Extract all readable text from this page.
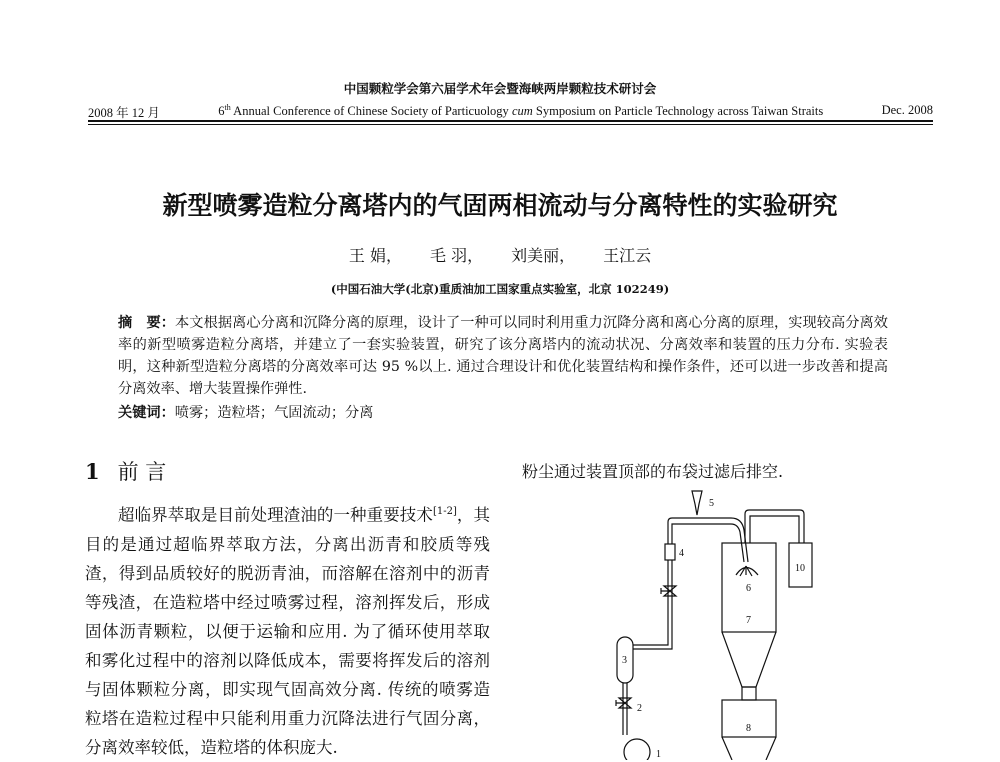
中国颗粒学会第六届学术年会暨海峡两岸颗粒技术研讨会
2008 年 12 月	6th Annual Conference of Chinese Society of Particuology cum Symposium on Particle Technology across Taiwan Straits	Dec. 2008
新型喷雾造粒分离塔内的气固两相流动与分离特性的实验研究
王 娟， 毛 羽， 刘美丽， 王江云
(中国石油大学(北京)重质油加工国家重点实验室，北京 102249)
摘　要：本文根据离心分离和沉降分离的原理，设计了一种可以同时利用重力沉降分离和离心分离的原理，实现较高分离效率的新型喷雾造粒分离塔，并建立了一套实验装置，研究了该分离塔内的流动状况、分离效率和装置的压力分布. 实验表明，这种新型造粒分离塔的分离效率可达 95 %以上. 通过合理设计和优化装置结构和操作条件，还可以进一步改善和提高分离效率、增大装置操作弹性.
关键词：喷雾；造粒塔；气固流动；分离
1 前 言
超临界萃取是目前处理渣油的一种重要技术[1-2]，其目的是通过超临界萃取方法，分离出沥青和胶质等残渣，得到品质较好的脱沥青油，而溶解在溶剂中的沥青等残渣，在造粒塔中经过喷雾过程，溶剂挥发后，形成固体沥青颗粒，以便于运输和应用. 为了循环使用萃取和雾化过程中的溶剂以降低成本，需要将挥发后的溶剂与固体颗粒分离，即实现气固高效分离. 传统的喷雾造粒塔在造粒过程中只能利用重力沉降法进行气固分离，分离效率较低，造粒塔的体积庞大.
粉尘通过装置顶部的布袋过滤后排空.
1
2
3
4
5
6
7
8
10
